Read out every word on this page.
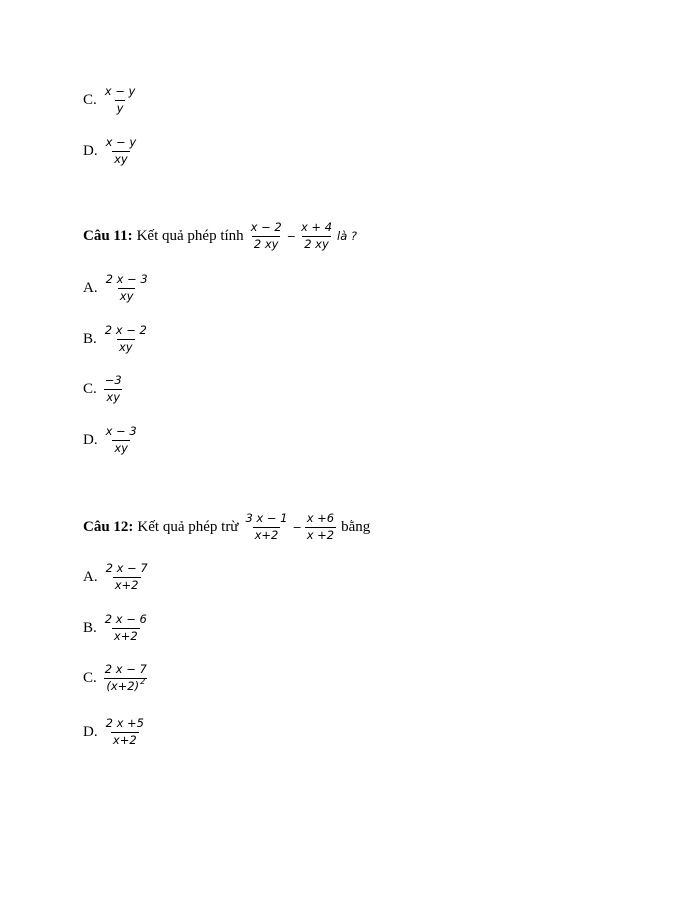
C. $\frac{x - y}{y}$
D. $\frac{x - y}{xy}$
Câu 11: Kết quả phép tính $\frac{x - 2}{2 xy} - \frac{x + 4}{2 xy}$ là ?
A. $\frac{2 x - 3}{xy}$
B. $\frac{2 x - 2}{xy}$
C. $\frac{-3}{xy}$
D. $\frac{x - 3}{xy}$
Câu 12: Kết quả phép trừ $\frac{3 x - 1}{x+2} - \frac{x +6}{x +2}$ bằng
A. $\frac{2 x - 7}{x+2}$
B. $\frac{2 x - 6}{x+2}$
C. $\frac{2 x - 7}{(x+2) 2}$
D. $\frac{2 x +5}{x+2}$
